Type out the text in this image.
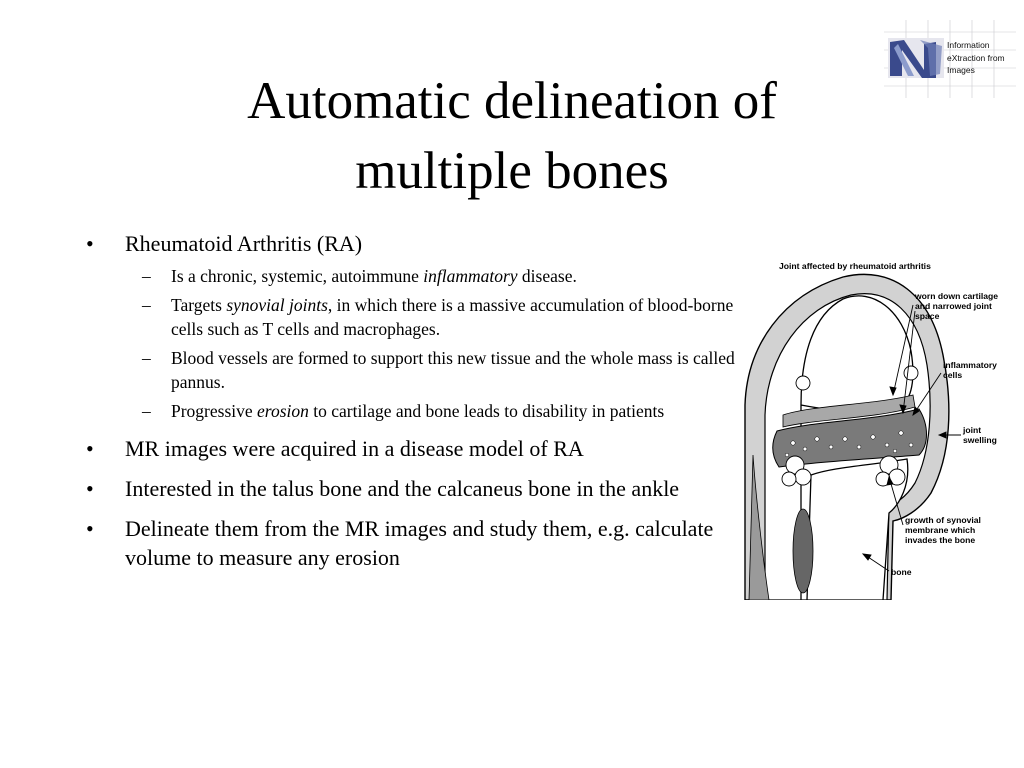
Automatic delineation of
multiple bones
Information
eXtraction from
Images
• Rheumatoid Arthritis (RA)
– Is a chronic, systemic, autoimmune inflammatory disease.
– Targets synovial joints, in which there is a massive accumulation of blood-borne cells such as T cells and macrophages.
– Blood vessels are formed to support this new tissue and the whole mass is called pannus.
– Progressive erosion to cartilage and bone leads to disability in patients
• MR images were acquired in a disease model of RA
• Interested in the talus bone and the calcaneus bone in the ankle
• Delineate them from the MR images and study them, e.g. calculate volume to measure any erosion
Joint affected by rheumatoid arthritis
worn down cartilage
and narrowed joint
space
inflammatory
cells
joint
swelling
growth of synovial
membrane which
invades the bone
bone
